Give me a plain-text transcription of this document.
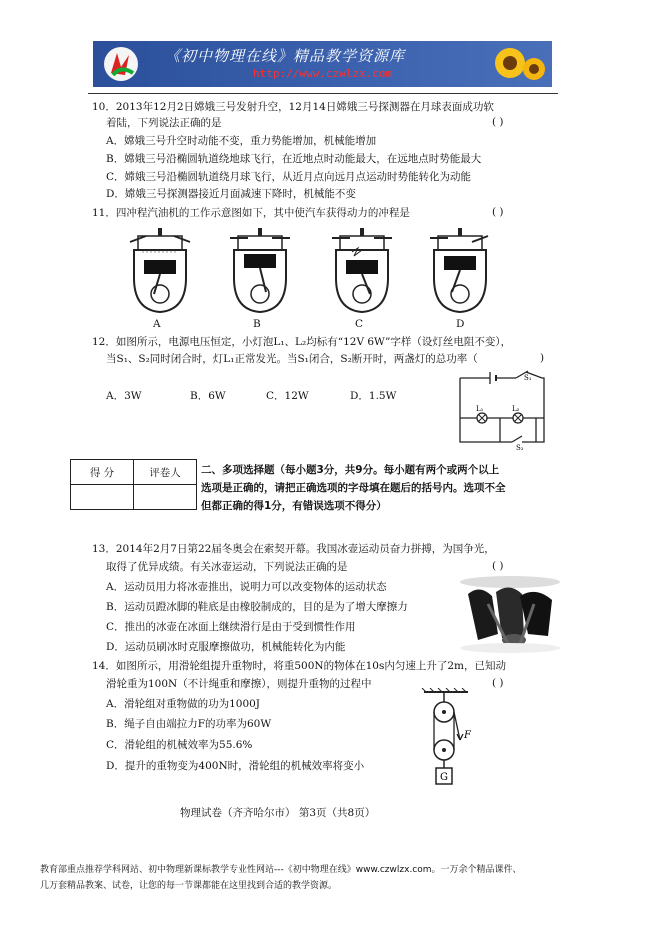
《初中物理在线》精品教学资源库
http://www.czwlzx.com
10．2013年12月2日嫦娥三号发射升空，12月14日嫦娥三号探测器在月球表面成功软
着陆，下列说法正确的是	( )
A．嫦娥三号升空时动能不变，重力势能增加，机械能增加
B．嫦娥三号沿椭圆轨道绕地球飞行，在近地点时动能最大，在远地点时势能最大
C．嫦娥三号沿椭圆轨道绕月球飞行，从近月点向远月点运动时势能转化为动能
D．嫦娥三号探测器接近月面减速下降时，机械能不变
11．四冲程汽油机的工作示意图如下，其中使汽车获得动力的冲程是	( )
A	B	C	D
12．如图所示，电源电压恒定，小灯泡L₁、L₂均标有“12V 6W”字样（设灯丝电阻不变），
当S₁、S₂同时闭合时，灯L₁正常发光。当S₁闭合，S₂断开时，两盏灯的总功率（	)
A．3W	B．6W	C．12W	D．1.5W
S₁
L₁	L₂
S₂
得 分	评卷人
	二、多项选择题（每小题3分，共9分。每小题有两个或两个以上
选项是正确的，请把正确选项的字母填在题后的括号内。选项不全
但都正确的得1分，有错误选项不得分）
13．2014年2月7日第22届冬奥会在索契开幕。我国冰壶运动员奋力拼搏，为国争光，
取得了优异成绩。有关冰壶运动，下列说法正确的是	( )
A．运动员用力将冰壶推出，说明力可以改变物体的运动状态
B．运动员蹬冰脚的鞋底是由橡胶制成的，目的是为了增大摩擦力
C．推出的冰壶在冰面上继续滑行是由于受到惯性作用
D．运动员刷冰时克服摩擦做功，机械能转化为内能
14．如图所示，用滑轮组提升重物时，将重500N的物体在10s内匀速上升了2m，已知动
滑轮重为100N（不计绳重和摩擦），则提升重物的过程中	( )
A．滑轮组对重物做的功为1000J
B．绳子自由端拉力F的功率为60W
C．滑轮组的机械效率为55.6%
D．提升的重物变为400N时，滑轮组的机械效率将变小
F
G
物理试卷（齐齐哈尔市） 第3页（共8页）
教育部重点推荐学科网站、初中物理新课标教学专业性网站---《初中物理在线》www.czwlzx.com。一万余个精品课件、
几万套精品教案、试卷，让您的每一节课都能在这里找到合适的教学资源。
